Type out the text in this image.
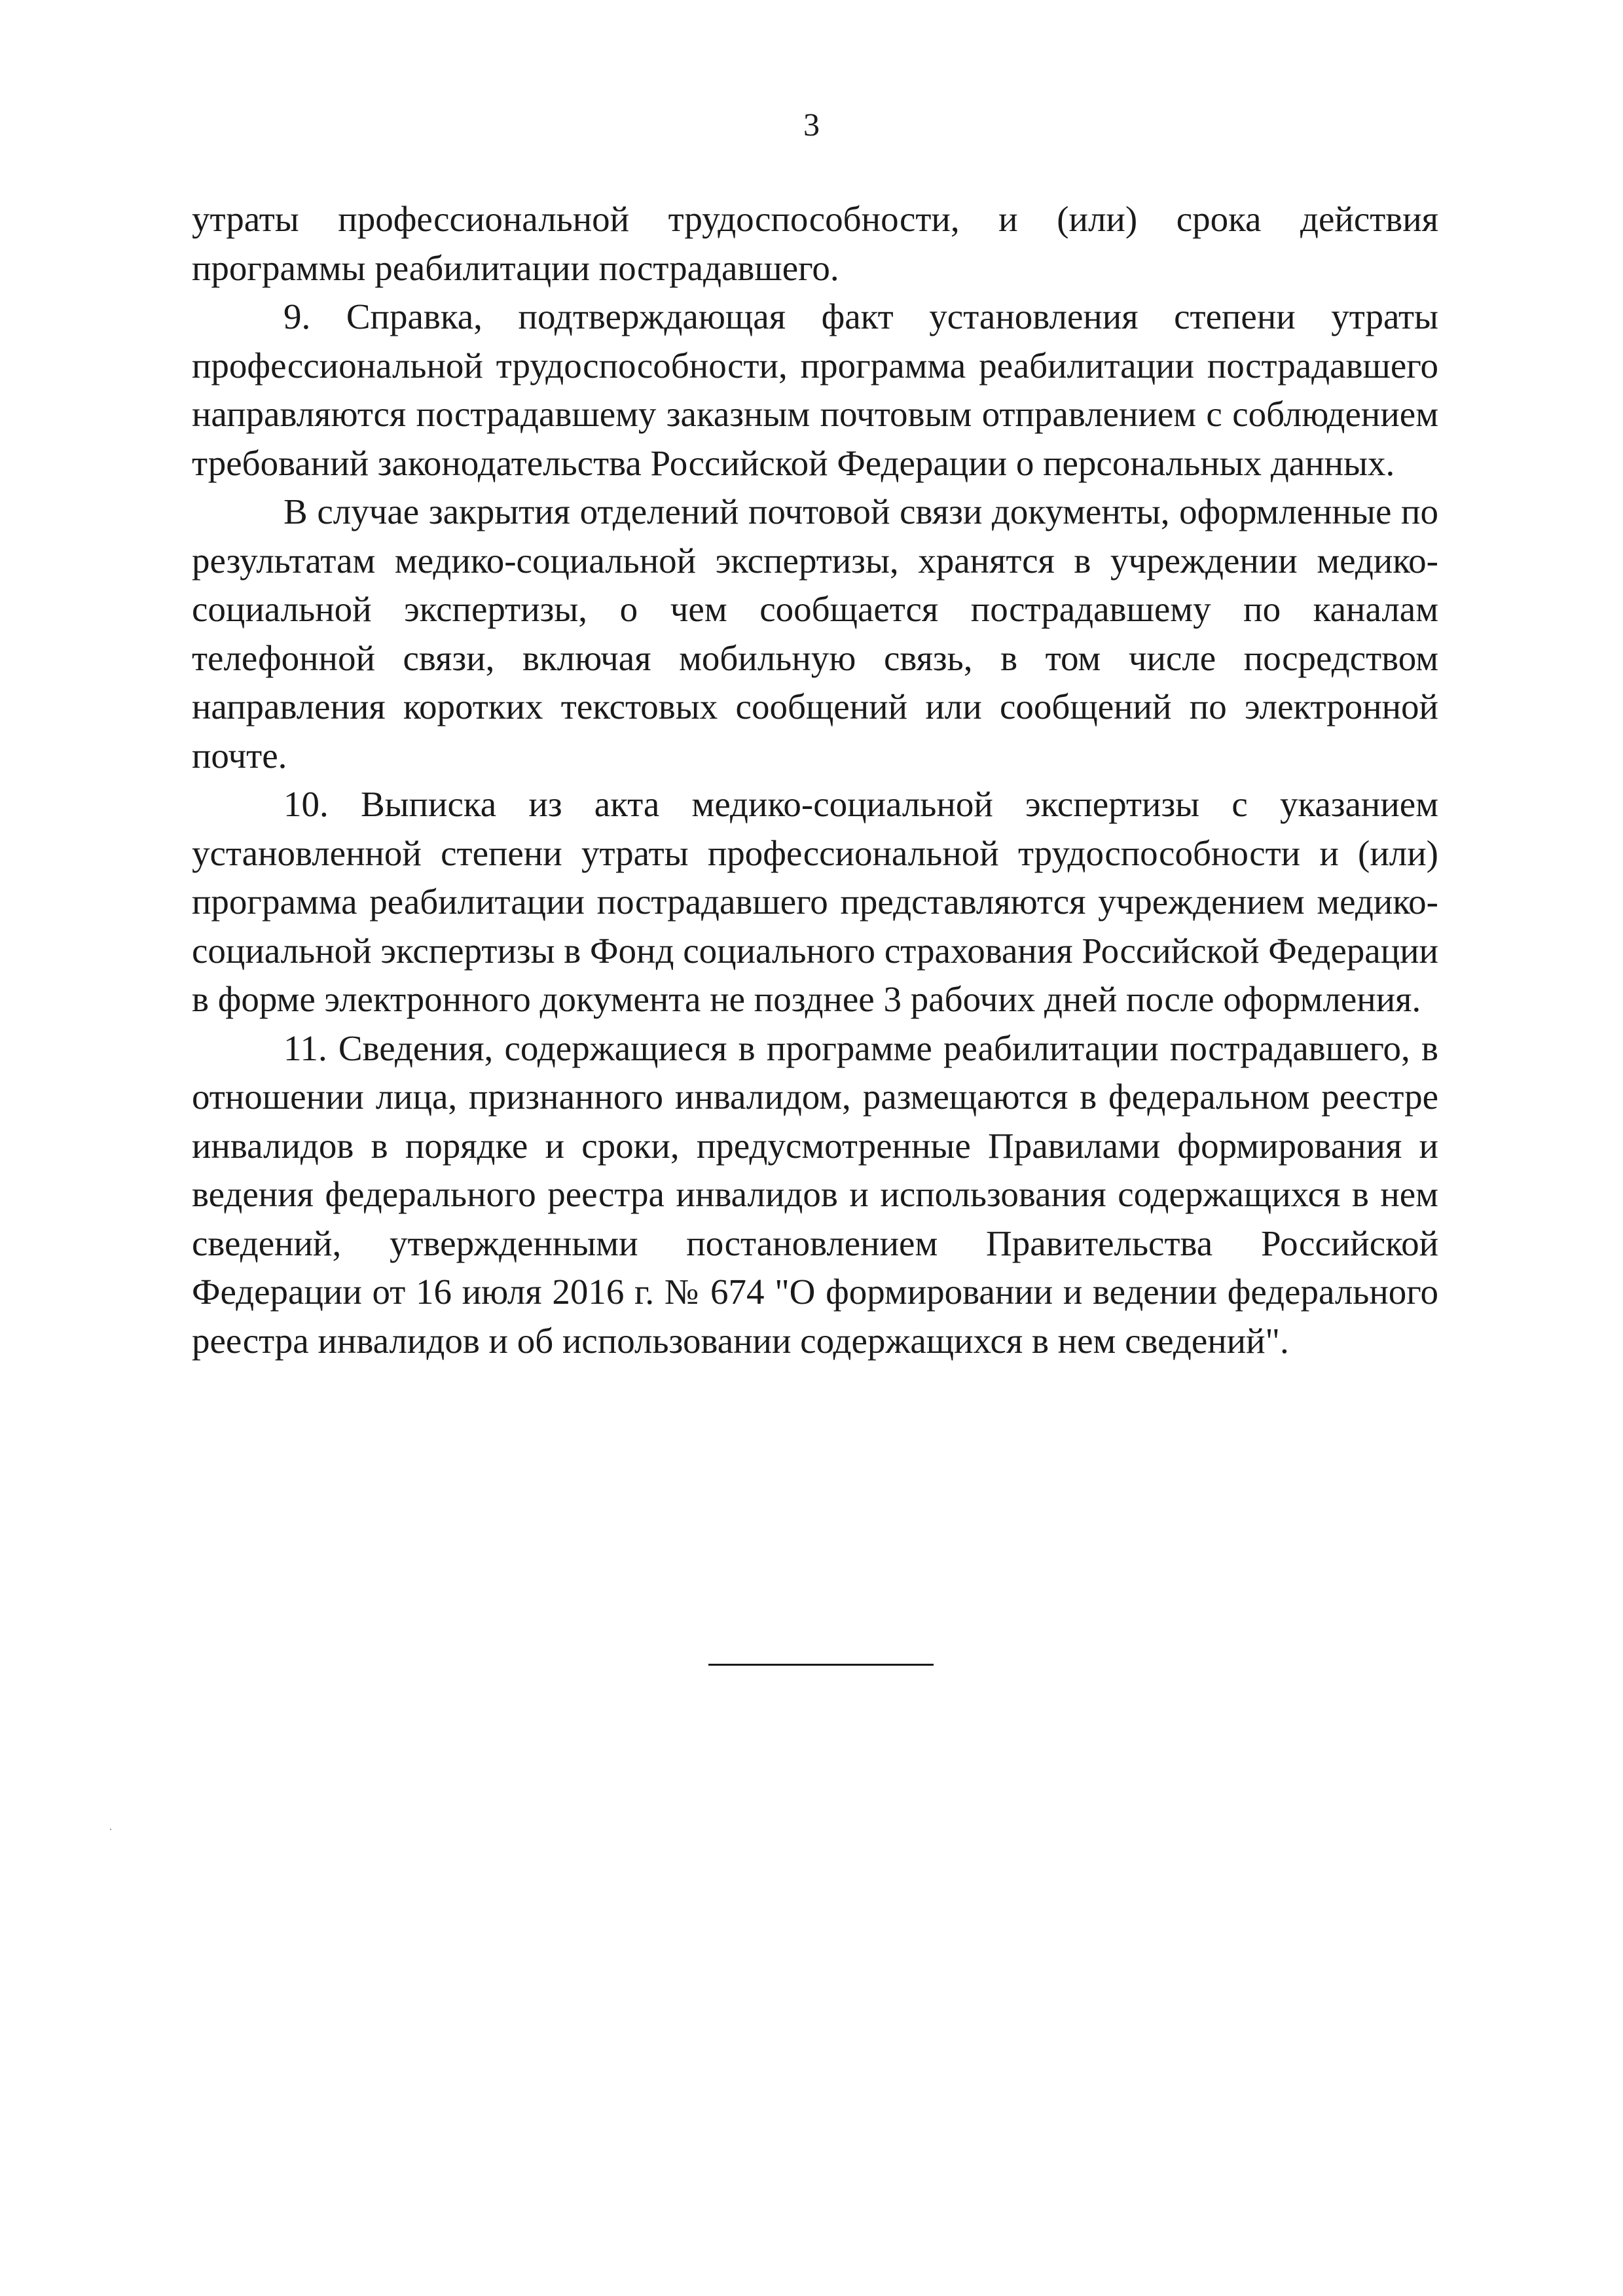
3

утраты профессиональной трудоспособности, и (или) срока действия программы реабилитации пострадавшего.

9. Справка, подтверждающая факт установления степени утраты профессиональной трудоспособности, программа реабилитации пострадавшего направляются пострадавшему заказным почтовым отправлением с соблюдением требований законодательства Российской Федерации о персональных данных.

В случае закрытия отделений почтовой связи документы, оформленные по результатам медико-социальной экспертизы, хранятся в учреждении медико-социальной экспертизы, о чем сообщается пострадавшему по каналам телефонной связи, включая мобильную связь, в том числе посредством направления коротких текстовых сообщений или сообщений по электронной почте.

10. Выписка из акта медико-социальной экспертизы с указанием установленной степени утраты профессиональной трудоспособности и (или) программа реабилитации пострадавшего представляются учреждением медико-социальной экспертизы в Фонд социального страхования Российской Федерации в форме электронного документа не позднее 3 рабочих дней после оформления.

11. Сведения, содержащиеся в программе реабилитации пострадавшего, в отношении лица, признанного инвалидом, размещаются в федеральном реестре инвалидов в порядке и сроки, предусмотренные Правилами формирования и ведения федерального реестра инвалидов и использования содержащихся в нем сведений, утвержденными постановлением Правительства Российской Федерации от 16 июля 2016 г. № 674 "О формировании и ведении федерального реестра инвалидов и об использовании содержащихся в нем сведений".
